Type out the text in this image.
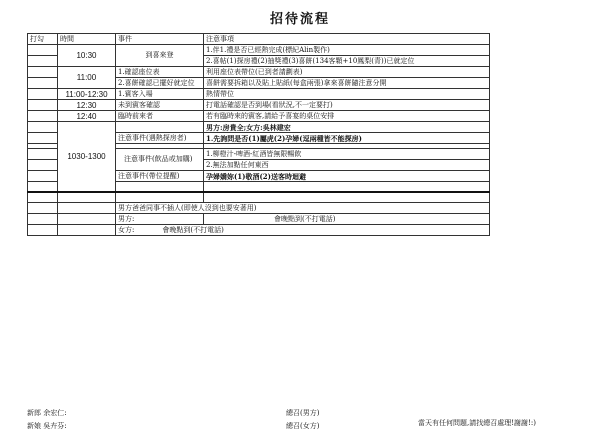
招待流程
打勾	時間	事件	注意事項
	10:30	到喜來登	1.伴1.禮是否已經熱完成(標紀Alin製作)
			2.喜帖(1)探房禮(2)抽獎禮(3)喜餅(134客顆+10鳳梨(青))已就定位
	11:00	1.確認座位表	利用座位表帶位(已到者請劃表)
		2.喜餅確認已擺好就定位	喜餅需要拆箱以及貼上貼紙(每盒兩張)拿來喜餅隨注意分開
	11:00-12:30	1.賓客入場	熱情帶位
	12:30	未到賓客確認	打電話確認是否到場(看狀況,不一定要打)
	12:40	臨時前來者	若有臨時來的賓客,請給予喜宴的桌位安排
	1030-1300		男方:房貴全;女方:吳林建宏
		注意事件(遇熱探房者)	1.先詢問是否(1)屬虎(2)孕婦(逗兩種皆不能探房)

		注意事件(飲品或加購)	1.柳橙汁-啤酒-紅酒皆無限暢飲
			2.無法加點任何東西
		注意事件(帶位提醒)	孕婦嬌妳(1)敬酒(2)送客時迴避

		男方爸爸同事不插人(即使人沒到也要安著用)	
		男方:	會晚點到(不打電話)
		女方: 會晚點到(不打電話)	
新郎 余宏仁:
新娘 吳卉芬:
總召(男方)
總召(女方)	當天有任何問題,請找總召處理!謝謝!:)
